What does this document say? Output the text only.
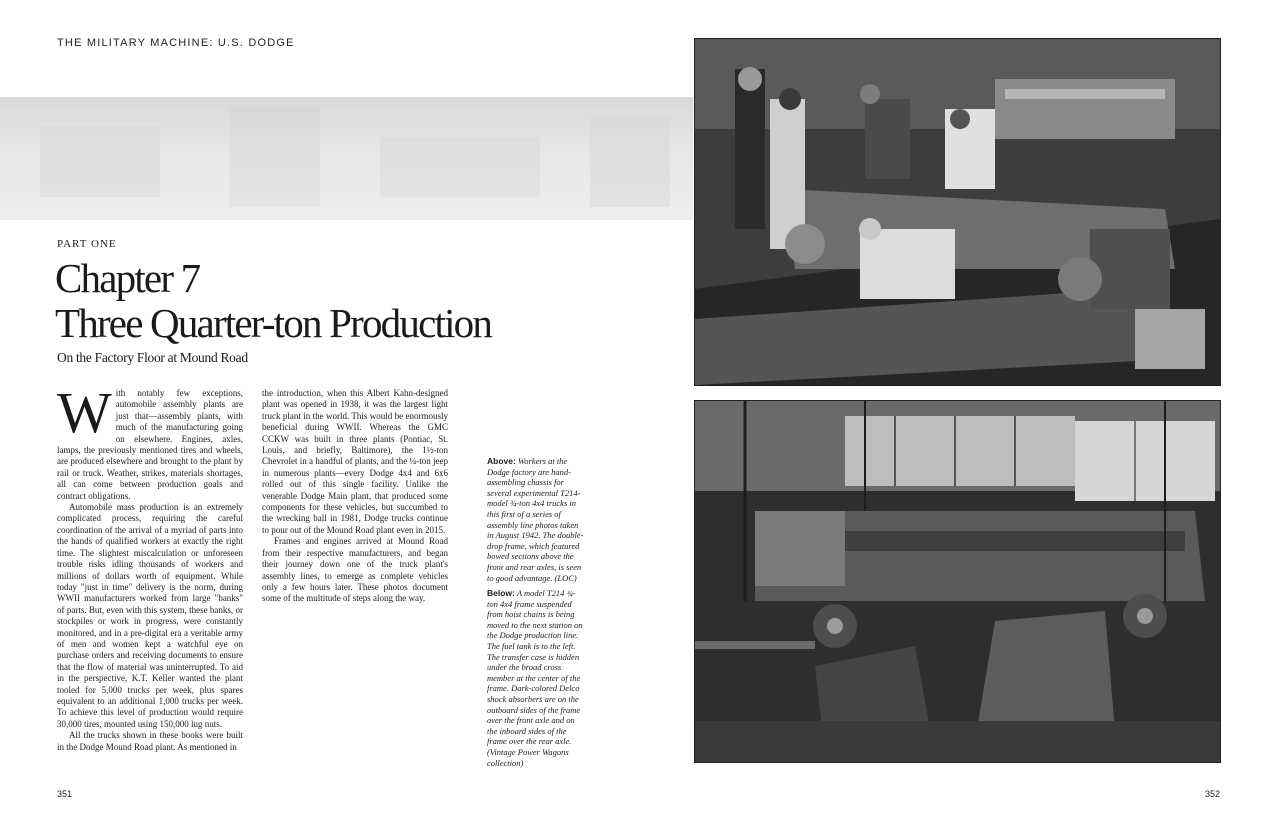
THE MILITARY MACHINE: U.S. DODGE
PART ONE
Chapter 7
Three Quarter-ton Production
On the Factory Floor at Mound Road

With notably few exceptions, automobile assembly plants are just that—assembly plants, with much of the manufacturing going on elsewhere. Engines, axles, lamps, the previously mentioned tires and wheels, are produced elsewhere and brought to the plant by rail or truck. Weather, strikes, materials shortages, all can come between production goals and contract obligations.

Automobile mass production is an extremely complicated process, requiring the careful coordination of the arrival of a myriad of parts into the hands of qualified workers at exactly the right time. The slightest miscalculation or unforeseen trouble risks idling thousands of workers and millions of dollars worth of equipment. While today "just in time" delivery is the norm, during WWII manufacturers worked from large "banks" of parts. But, even with this system, these banks, or stockpiles or work in progress, were constantly monitored, and in a pre-digital era a veritable army of men and women kept a watchful eye on purchase orders and receiving documents to ensure that the flow of material was uninterrupted. To aid in the perspective, K.T. Keller wanted the plant tooled for 5,000 trucks per week, plus spares equivalent to an additional 1,000 trucks per week. To achieve this level of production would require 30,000 tires, mounted using 150,000 lug nuts.

All the trucks shown in these books were built in the Dodge Mound Road plant. As mentioned in

the introduction, when this Albert Kahn-designed plant was opened in 1938, it was the largest light truck plant in the world. This would be enormously beneficial during WWII. Whereas the GMC CCKW was built in three plants (Pontiac, St. Louis, and briefly, Baltimore), the 1½-ton Chevrolet in a handful of plants, and the ¼-ton jeep in numerous plants—every Dodge 4x4 and 6x6 rolled out of this single facility. Unlike the venerable Dodge Main plant, that produced some components for these vehicles, but succumbed to the wrecking ball in 1981, Dodge trucks continue to pour out of the Mound Road plant even in 2015.

Frames and engines arrived at Mound Road from their respective manufacturers, and began their journey down one of the truck plant's assembly lines, to emerge as complete vehicles only a few hours later. These photos document some of the multitude of steps along the way.

Above: Workers at the Dodge factory are hand-assembling chassis for several experimental T214-model ¾-ton 4x4 trucks in this first of a series of assembly line photos taken in August 1942. The double-drop frame, which featured bowed sections above the front and rear axles, is seen to good advantage. (LOC)
Below: A model T214 ¾-ton 4x4 frame suspended from hoist chains is being moved to the next station on the Dodge production line. The fuel tank is to the left. The transfer case is hidden under the broad cross member at the center of the frame. Dark-colored Delco shock absorbers are on the outboard sides of the frame over the front axle and on the inboard sides of the frame over the rear axle. (Vintage Power Wagons collection)
351	352
